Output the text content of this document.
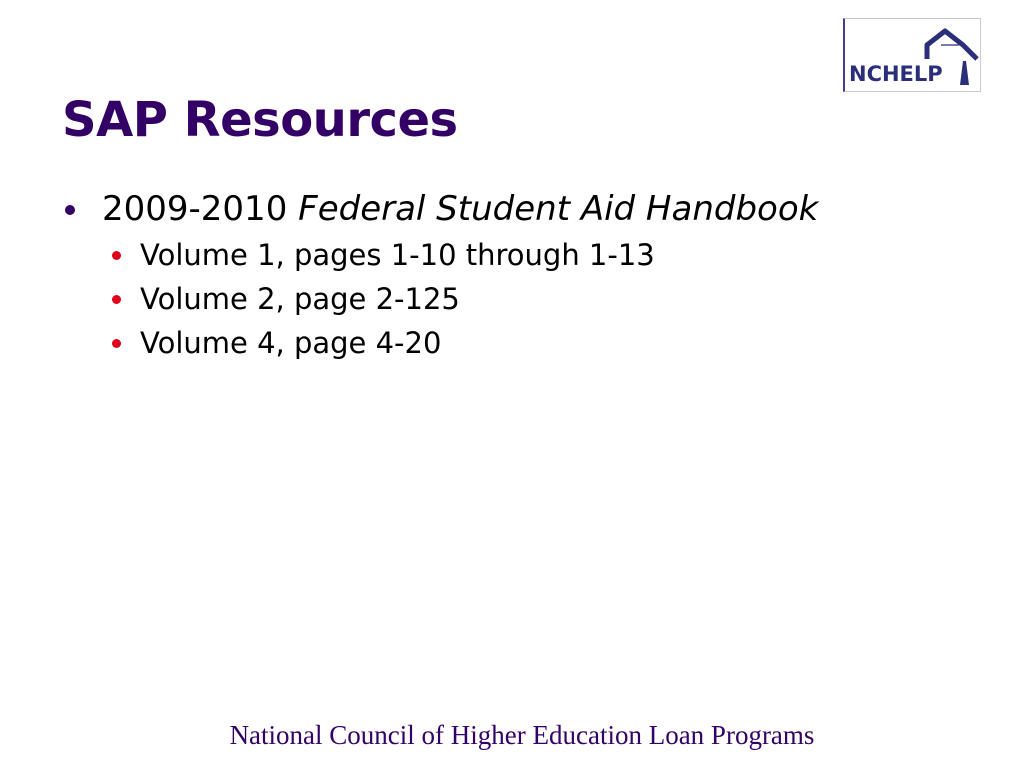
NCHELP
SAP Resources
2009-2010 Federal Student Aid Handbook
Volume 1, pages 1-10 through 1-13
Volume 2, page 2-125
Volume 4, page 4-20
National Council of Higher Education Loan Programs
